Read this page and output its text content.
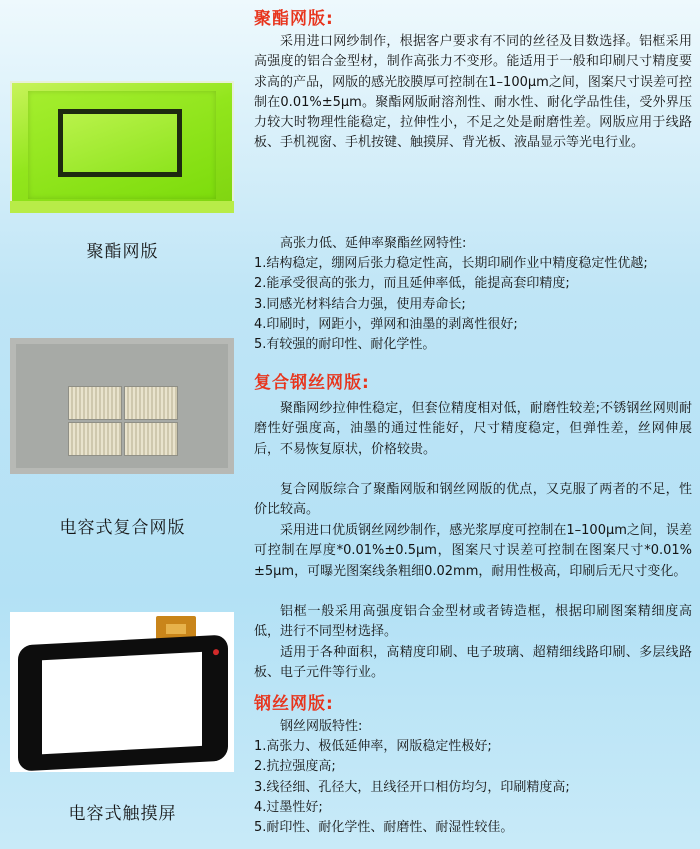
聚酯网版
电容式复合网版
电容式触摸屏
聚酯网版:

采用进口网纱制作，根据客户要求有不同的丝径及目数选择。铝框采用高强度的铝合金型材，制作高张力不变形。能适用于一般和印刷尺寸精度要求高的产品，网版的感光胶膜厚可控制在1–100μm之间，图案尺寸误差可控制在0.01%±5μm。聚酯网版耐溶剂性、耐水性、耐化学品性佳，受外界压力较大时物理性能稳定，拉伸性小，不足之处是耐磨性差。网版应用于线路板、手机视窗、手机按键、触摸屏、背光板、液晶显示等光电行业。

高张力低、延伸率聚酯丝网特性:

1.结构稳定，绷网后张力稳定性高，长期印刷作业中精度稳定性优越;
2.能承受很高的张力，而且延伸率低，能提高套印精度;
3.同感光材料结合力强，使用寿命长;
4.印刷时，网距小，弹网和油墨的剥离性很好;
5.有较强的耐印性、耐化学性。
复合钢丝网版:

聚酯网纱拉伸性稳定，但套位精度相对低，耐磨性较差;不锈钢丝网则耐磨性好强度高，油墨的通过性能好，尺寸精度稳定，但弹性差，丝网伸展后，不易恢复原状，价格较贵。

复合网版综合了聚酯网版和钢丝网版的优点，又克服了两者的不足，性价比较高。

采用进口优质钢丝网纱制作，感光浆厚度可控制在1–100μm之间，误差可控制在厚度*0.01%±0.5μm，图案尺寸误差可控制在图案尺寸*0.01%±5μm，可曝光图案线条粗细0.02mm，耐用性极高，印刷后无尺寸变化。

铝框一般采用高强度铝合金型材或者铸造框，根据印刷图案精细度高低，进行不同型材选择。

适用于各种面积，高精度印刷、电子玻璃、超精细线路印刷、多层线路板、电子元件等行业。

钢丝网版:

钢丝网版特性:

1.高张力、极低延伸率，网版稳定性极好;
2.抗拉强度高;
3.线径细、孔径大，且线径开口相仿均匀，印刷精度高;
4.过墨性好;
5.耐印性、耐化学性、耐磨性、耐湿性较佳。
